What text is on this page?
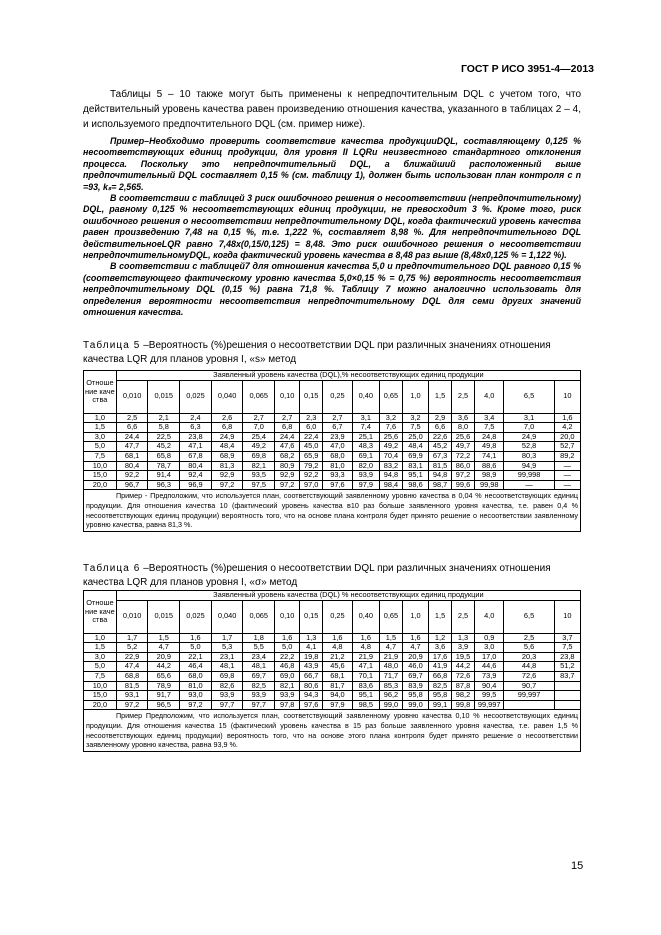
ГОСТ Р ИСО 3951-4—2013
Таблицы 5 – 10 также могут быть применены к непредпочтительным DQL с учетом того, что действительный уровень качества равен произведению отношения качества, указанного в таблицах 2 – 4, и используемого предпочтительного DQL (см. пример ниже).

Пример–Необходимо проверить соответствие качества продукцииDQL, составляющему 0,125 % несоответствующих единиц продукции, для уровня II LQRи неизвестного стандартного отклонения процесса. Поскольку это непредпочтительный DQL, а ближайший расположенный выше предпочтительный DQL составляет 0,15 % (см. таблицу 1), должен быть использован план контроля с n =93, kₛ= 2,565.

В соответствии с таблицей 3 риск ошибочного решения о несоответствии (непредпочтительному) DQL, равному 0,125 % несоответствующих единиц продукции, не превосходит 3 %. Кроме того, риск ошибочного решения о несоответствии непредпочтительному DQL, когда фактический уровень качества равен произведению 7,48 на 0,15 %, т.е. 1,222 %, составляет 8,98 %. Для непредпочтительного DQL действительноеLQR равно 7,48x(0,15/0,125) = 8,48. Это риск ошибочного решения о несоответствии непредпочтительномуDQL, когда фактический уровень качества в 8,48 раз выше (8,48x0,125 % = 1,122 %).

В соответствии с таблицей7 для отношения качества 5,0 и предпочтительного DQL равного 0,15 % (соответствующего фактическому уровню качества 5,0×0,15 % = 0,75 %) вероятность несоответствия непредпочтительному DQL (0,15 %) равна 71,8 %. Таблицу 7 можно аналогично использовать для определения вероятности несоответствия непредпочтительному DQL для семи других значений отношения качества.

Таблица 5 –Вероятность (%)решения о несоответствии DQL при различных значениях отношения качества LQR для планов уровня I, «s» метод
Отношение качества	Заявленный уровень качества (DQL),% несоответствующих единиц продукции															
	0,010	0,015	0,025	0,040	0,065	0,10	0,15	0,25	0,40	0,65	1,0	1,5	2,5	4,0	6,5	10
1,0	2,5	2,1	2,4	2,6	2,7	2,7	2,3	2,7	3,1	3,2	3,2	2,9	3,6	3,4	3,1	1,6
1,5	6,6	5,8	6,3	6,8	7,0	6,8	6,0	6,7	7,4	7,6	7,5	6,6	8,0	7,5	7,0	4,2
3,0	24,4	22,5	23,8	24,9	25,4	24,4	22,4	23,9	25,1	25,6	25,0	22,6	25,6	24,8	24,9	20,0
5,0	47,7	45,2	47,1	48,4	49,2	47,6	45,0	47,0	48,3	49,2	48,4	45,2	49,7	49,8	52,8	52,7
7,5	68,1	65,8	67,8	68,9	69,8	68,2	65,9	68,0	69,1	70,4	69,9	67,3	72,2	74,1	80,3	89,2
10,0	80,4	78,7	80,4	81,3	82,1	80,9	79,2	81,0	82,0	83,2	83,1	81,5	86,0	88,6	94,9	—
15,0	92,2	91,4	92,4	92,9	93,5	92,9	92,2	93,3	93,9	94,8	95,1	94,8	97,2	98,9	99,998	—
20,0	96,7	96,3	96,9	97,2	97,5	97,2	97,0	97,6	97,9	98,4	98,6	98,7	99,6	99,98	—	—
Пример - Предположим, что используется план, соответствующий заявленному уровню качества в 0,04 % несоответствующих единиц продукции. Для отношения качества 10 (фактический уровень качества в10 раз больше заявленного уровня качества, т.е. равен 0,4 % несоответствующих единиц продукции) вероятность того, что на основе плана контроля будет принято решение о несоответствии заявленному уровню качества, равна 81,3 %.																
Таблица 6 –Вероятность (%)решения о несоответствии DQL при различных значениях отношения качества LQR для планов уровня I, «σ» метод
Отношение качества	Заявленный уровень качества (DQL) % несоответствующих единиц продукции															
	0,010	0,015	0,025	0,040	0,065	0,10	0,15	0,25	0,40	0,65	1,0	1,5	2,5	4,0	6,5	10
1,0	1,7	1,5	1,6	1,7	1,8	1,6	1,3	1,6	1,6	1,5	1,6	1,2	1,3	0,9	2,5	3,7
1,5	5,2	4,7	5,0	5,3	5,5	5,0	4,1	4,8	4,8	4,7	4,7	3,6	3,9	3,0	5,6	7,5
3,0	22,9	20,9	22,1	23,1	23,4	22,2	19,8	21,2	21,9	21,9	20,9	17,6	19,5	17,0	20,3	23,8
5,0	47,4	44,2	46,4	48,1	48,1	46,8	43,9	45,6	47,1	48,0	46,0	41,9	44,2	44,6	44,8	51,2
7,5	68,8	65,6	68,0	69,8	69,7	69,0	66,7	68,1	70,1	71,7	69,7	66,8	72,6	73,9	72,6	83,7
10,0	81,5	78,9	81,0	82,6	82,5	82,1	80,6	81,7	83,6	85,3	83,9	82,5	87,8	90,4	90,7	
15,0	93,1	91,7	93,0	93,9	93,9	93,9	94,3	94,0	95,1	96,2	95,8	95,8	98,2	99,5	99,997	
20,0	97,2	96,5	97,2	97,7	97,7	97,8	97,6	97,9	98,5	99,0	99,0	99,1	99,8	99,997		
Пример Предположим, что используется план, соответствующий заявленному уровню качества 0,10 % несоответствующих единиц продукции. Для отношения качества 15 (фактический уровень качества в 15 раз больше заявленного уровня качества, т.е. равен 1,5 % несоответствующих единиц продукции) вероятность того, что на основе этого плана контроля будет принято решение о несоответствии заявленному уровню качества, равна 93,9 %.																
15
